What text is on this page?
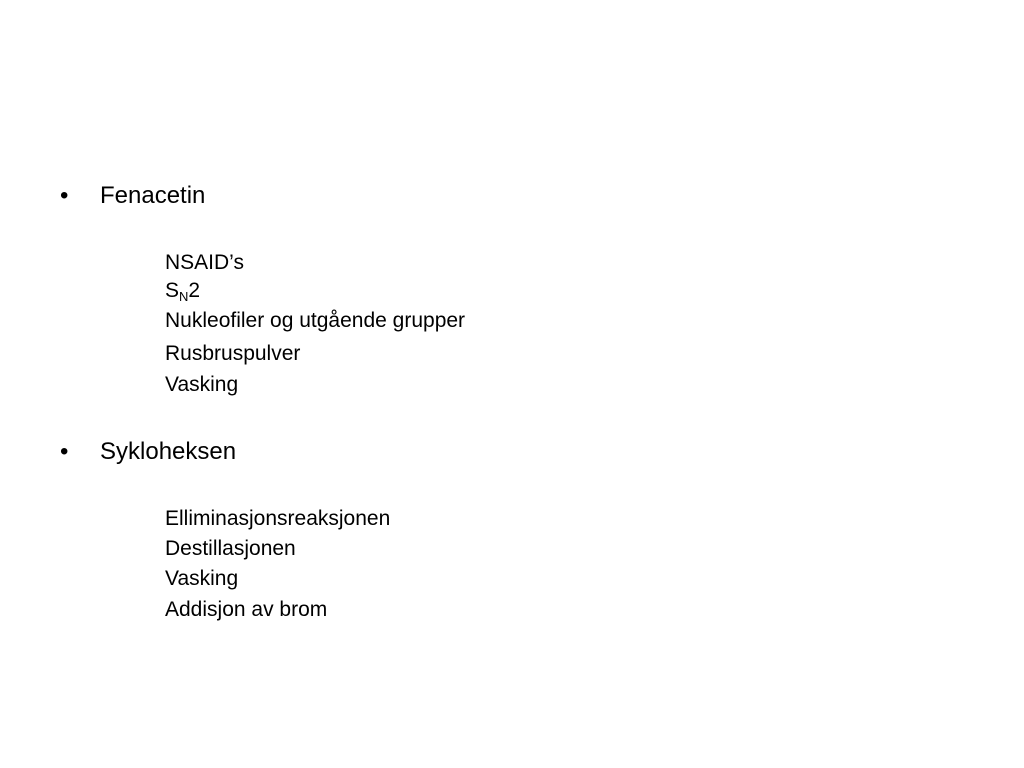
• Fenacetin
NSAID’s
$S_N2$
Nukleofiler og utgående grupper
Rusbruspulver
Vasking
• Sykloheksen
Elliminasjonsreaksjonen
Destillasjonen
Vasking
Addisjon av brom
